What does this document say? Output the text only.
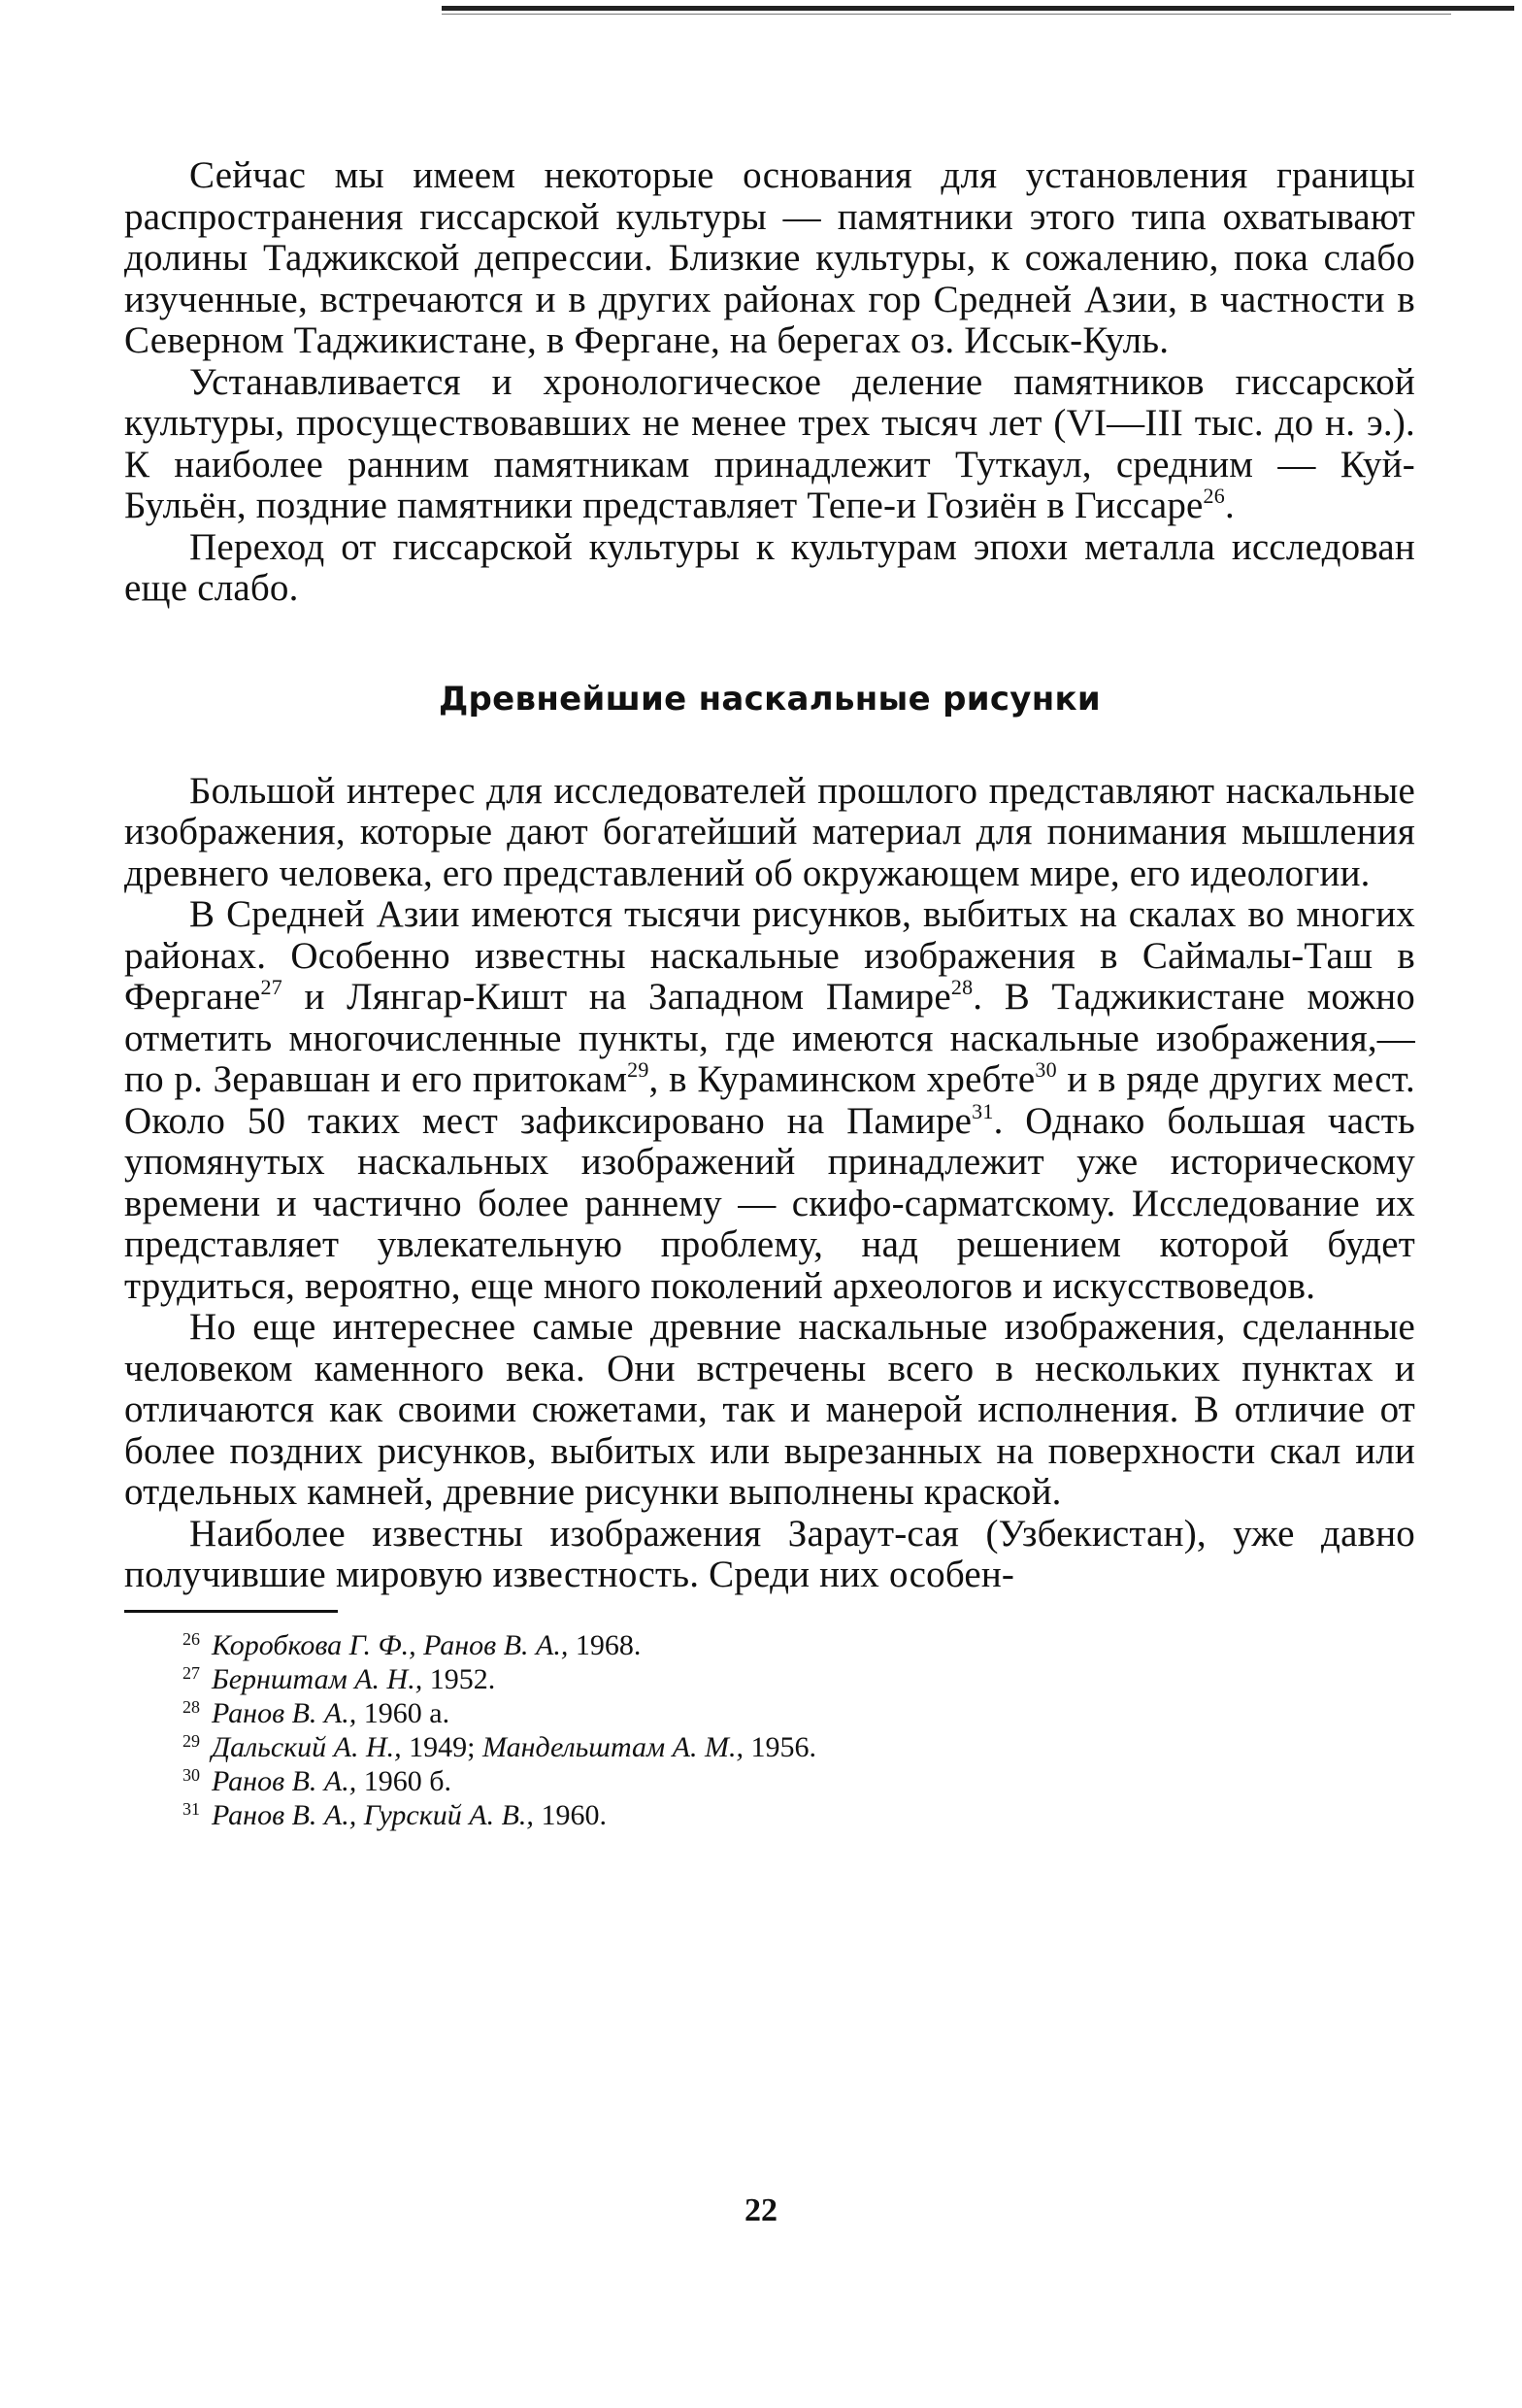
Сейчас мы имеем некоторые основания для установления границы распространения гиссарской культуры — памятники этого типа охватывают долины Таджикской депрессии. Близкие культуры, к сожалению, пока слабо изученные, встречаются и в других районах гор Средней Азии, в частности в Северном Таджикистане, в Фергане, на берегах оз. Иссык-Куль.

Устанавливается и хронологическое деление памятников гиссарской культуры, просуществовавших не менее трех тысяч лет (VI—III тыс. до н. э.). К наиболее ранним памятникам принадлежит Туткаул, средним — Куй-Бульён, поздние памятники представляет Тепе-и Гозиён в Гиссаре$^{26}$.

Переход от гиссарской культуры к культурам эпохи металла исследован еще слабо.

Древнейшие наскальные рисунки

Большой интерес для исследователей прошлого представляют наскальные изображения, которые дают богатейший материал для понимания мышления древнего человека, его представлений об окружающем мире, его идеологии.

В Средней Азии имеются тысячи рисунков, выбитых на скалах во многих районах. Особенно известны наскальные изображения в Саймалы-Таш в Фергане$^{27}$ и Лянгар-Кишт на Западном Памире$^{28}$. В Таджикистане можно отметить многочисленные пункты, где имеются наскальные изображения,— по р. Зеравшан и его притокам$^{29}$, в Кураминском хребте$^{30}$ и в ряде других мест. Около 50 таких мест зафиксировано на Памире$^{31}$. Однако большая часть упомянутых наскальных изображений принадлежит уже историческому времени и частично более раннему — скифо-сарматскому. Исследование их представляет увлекательную проблему, над решением которой будет трудиться, вероятно, еще много поколений археологов и искусствоведов.

Но еще интереснее самые древние наскальные изображения, сделанные человеком каменного века. Они встречены всего в нескольких пунктах и отличаются как своими сюжетами, так и манерой исполнения. В отличие от более поздних рисунков, выбитых или вырезанных на поверхности скал или отдельных камней, древние рисунки выполнены краской.

Наиболее известны изображения Зараут-сая (Узбекистан), уже давно получившие мировую известность. Среди них особен-

26 Коробкова Г. Ф., Ранов В. А., 1968.
27 Бернштам А. Н., 1952.
28 Ранов В. А., 1960 а.
29 Дальский А. Н., 1949; Мандельштам А. М., 1956.
30 Ранов В. А., 1960 б.
31 Ранов В. А., Гурский А. В., 1960.
22
